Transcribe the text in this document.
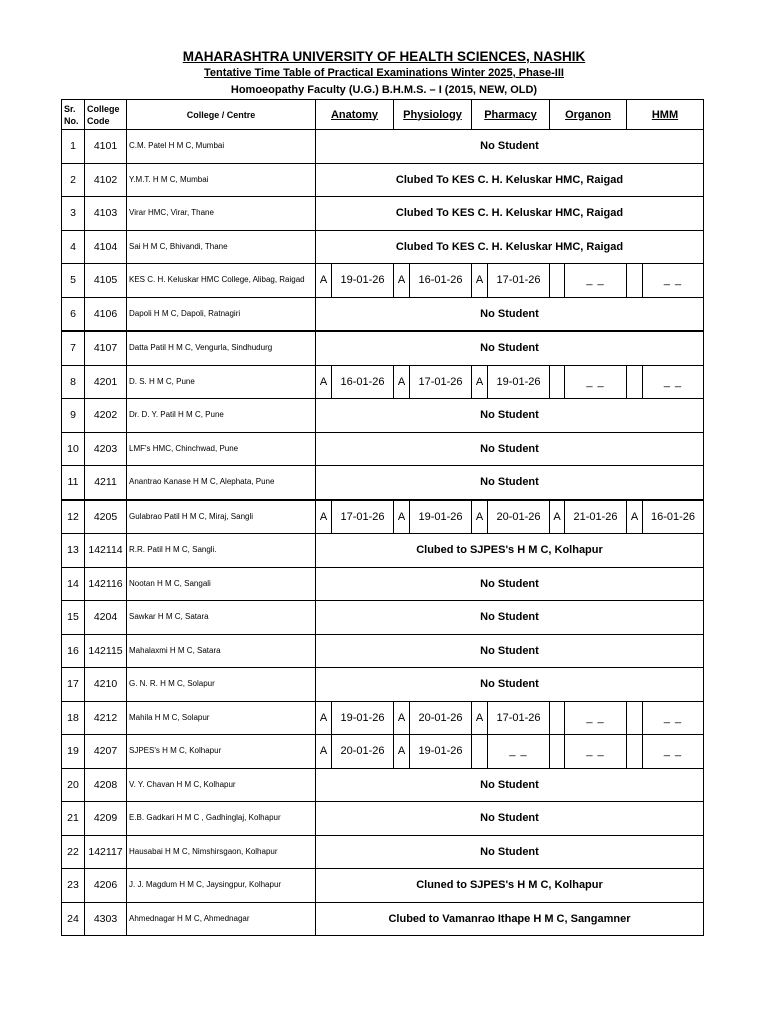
MAHARASHTRA UNIVERSITY OF HEALTH SCIENCES, NASHIK
Tentative Time Table of Practical Examinations Winter 2025, Phase-III
Homoeopathy Faculty (U.G.) B.H.M.S. – I (2015, NEW, OLD)
Sr. No.	College Code	College / Centre	Anatomy		Physiology		Pharmacy		Organon		HMM	
1	4101	C.M. Patel H M C, Mumbai	No Student									
2	4102	Y.M.T. H M C, Mumbai	Clubed To KES C. H. Keluskar HMC, Raigad									
3	4103	Virar HMC, Virar, Thane	Clubed To KES C. H. Keluskar HMC, Raigad									
4	4104	Sai H M C, Bhivandi, Thane	Clubed To KES C. H. Keluskar HMC, Raigad									
5	4105	KES C. H. Keluskar HMC College, Alibag, Raigad	A	19-01-26	A	16-01-26	A	17-01-26		_ _		_ _
6	4106	Dapoli H M C, Dapoli, Ratnagiri	No Student									
7	4107	Datta Patil H M C, Vengurla, Sindhudurg	No Student									
8	4201	D. S. H M C, Pune	A	16-01-26	A	17-01-26	A	19-01-26		_ _		_ _
9	4202	Dr. D. Y. Patil H M C, Pune	No Student									
10	4203	LMF's HMC, Chinchwad, Pune	No Student									
11	4211	Anantrao Kanase H M C, Alephata, Pune	No Student									
12	4205	Gulabrao Patil H M C, Miraj, Sangli	A	17-01-26	A	19-01-26	A	20-01-26	A	21-01-26	A	16-01-26
13	142114	R.R. Patil H M C, Sangli.	Clubed to SJPES's H M C, Kolhapur									
14	142116	Nootan H M C, Sangali	No Student									
15	4204	Sawkar H M C, Satara	No Student									
16	142115	Mahalaxmi H M C, Satara	No Student									
17	4210	G. N. R. H M C, Solapur	No Student									
18	4212	Mahila H M C, Solapur	A	19-01-26	A	20-01-26	A	17-01-26		_ _		_ _
19	4207	SJPES's H M C, Kolhapur	A	20-01-26	A	19-01-26		_ _		_ _		_ _
20	4208	V. Y. Chavan H M C, Kolhapur	No Student									
21	4209	E.B. Gadkari H M C , Gadhinglaj, Kolhapur	No Student									
22	142117	Hausabai H M C, Nimshirsgaon, Kolhapur	No Student									
23	4206	J. J. Magdum H M C, Jaysingpur, Kolhapur	Cluned to SJPES's H M C, Kolhapur									
24	4303	Ahmednagar H M C, Ahmednagar	Clubed to Vamanrao Ithape H M C, Sangamner									
